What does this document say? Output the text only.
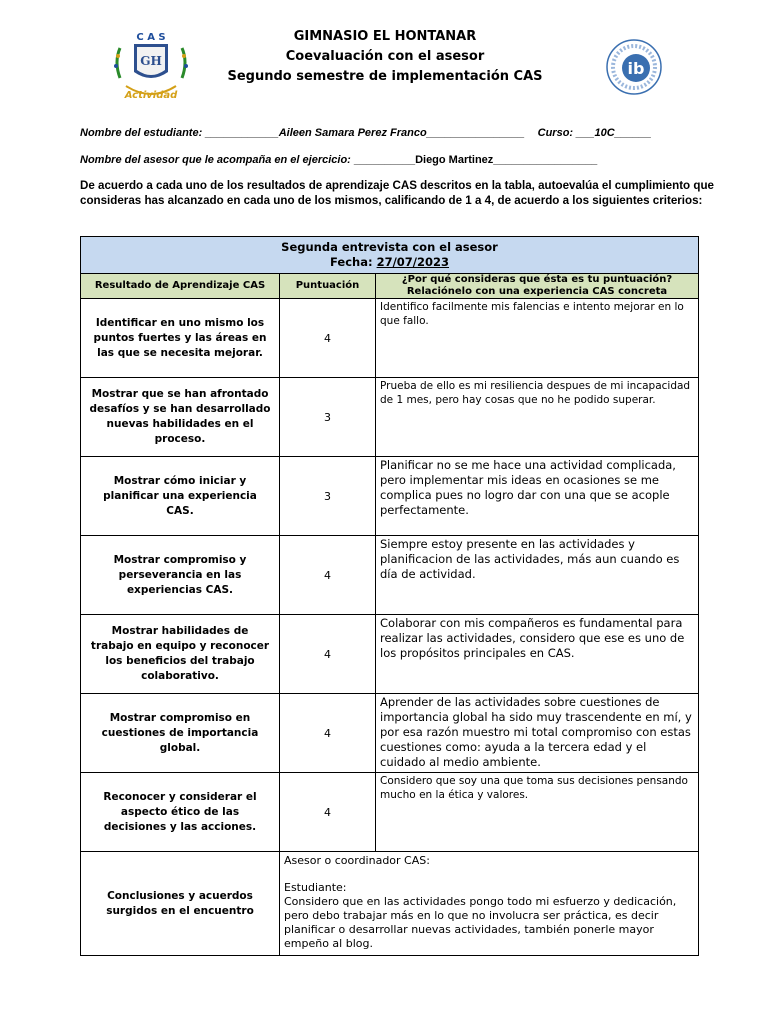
C A S
GH
Actividad
ib
GIMNASIO EL HONTANAR
Coevaluación con el asesor
Segundo semestre de implementación CAS
Nombre del estudiante: ____________Aileen Samara Perez Franco________________ Curso: ___10C______
Nombre del asesor que le acompaña en el ejercicio: __________Diego Martinez_________________
De acuerdo a cada uno de los resultados de aprendizaje CAS descritos en la tabla, autoevalúa el cumplimiento que consideras has alcanzado en cada uno de los mismos, calificando de 1 a 4, de acuerdo a los siguientes criterios:
Segunda entrevista con el asesor
Fecha: 27/07/2023		

Resultado de Aprendizaje CAS	Puntuación	¿Por qué consideras que ésta es tu puntuación? Relaciónelo con una experiencia CAS concreta
Identificar en uno mismo los puntos fuertes y las áreas en las que se necesita mejorar.	4	Identifico facilmente mis falencias e intento mejorar en lo que fallo.
Mostrar que se han afrontado desafíos y se han desarrollado nuevas habilidades en el proceso.	3	Prueba de ello es mi resiliencia despues de mi incapacidad de 1 mes, pero hay cosas que no he podido superar.
Mostrar cómo iniciar y planificar una experiencia CAS.	3	Planificar no se me hace una actividad complicada, pero implementar mis ideas en ocasiones se me complica pues no logro dar con una que se acople perfectamente.
Mostrar compromiso y perseverancia en las experiencias CAS.	4	Siempre estoy presente en las actividades y planificacion de las actividades, más aun cuando es día de actividad.
Mostrar habilidades de trabajo en equipo y reconocer los beneficios del trabajo colaborativo.	4	Colaborar con mis compañeros es fundamental para realizar las actividades, considero que ese es uno de los propósitos principales en CAS.
Mostrar compromiso en cuestiones de importancia global.	4	Aprender de las actividades sobre cuestiones de importancia global ha sido muy trascendente en mí, y por esa razón muestro mi total compromiso con estas cuestiones como: ayuda a la tercera edad y el cuidado al medio ambiente.
Reconocer y considerar el aspecto ético de las decisiones y las acciones.	4	Considero que soy una que toma sus decisiones pensando mucho en la ética y valores.
Conclusiones y acuerdos surgidos en el encuentro	Asesor o coordinador CAS:
Estudiante:
Considero que en las actividades pongo todo mi esfuerzo y dedicación, pero debo trabajar más en lo que no involucra ser práctica, es decir planificar o desarrollar nuevas actividades, también ponerle mayor empeño al blog.	
